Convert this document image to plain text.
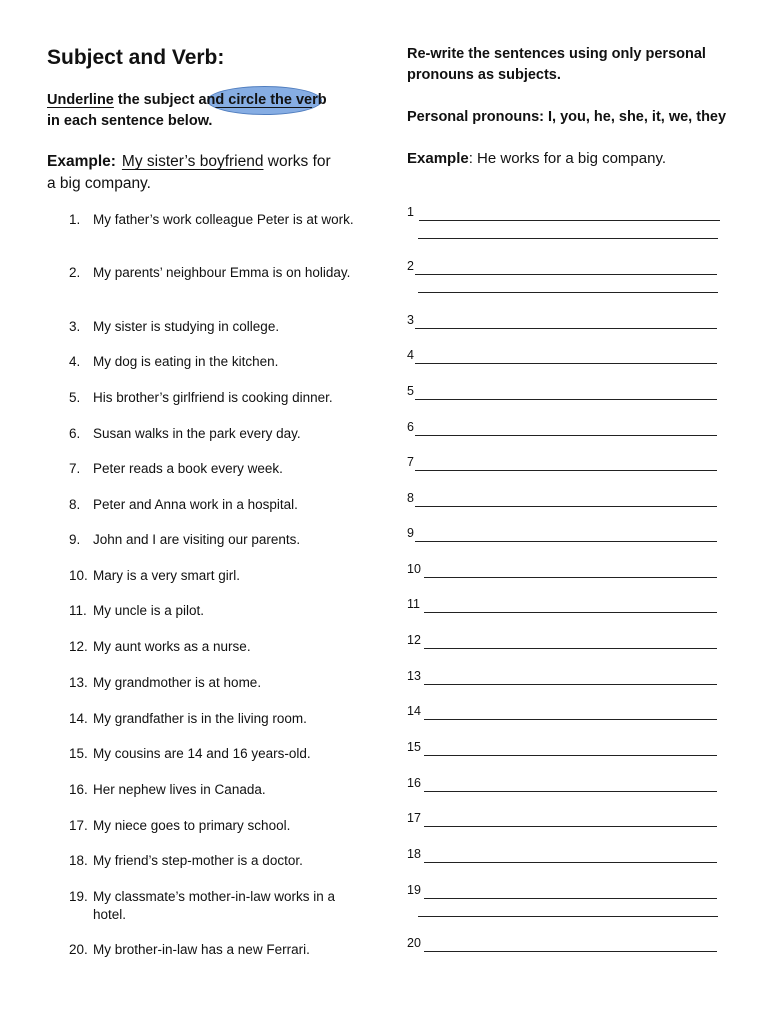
Subject and Verb:
Underline the subject and circle the verb
in each sentence below.
Example: My sister’s boyfriend works for
a big company.
1. My father’s work colleague Peter is at work.
2. My parents’ neighbour Emma is on holiday.
3. My sister is studying in college.
4. My dog is eating in the kitchen.
5. His brother’s girlfriend is cooking dinner.
6. Susan walks in the park every day.
7. Peter reads a book every week.
8. Peter and Anna work in a hospital.
9. John and I are visiting our parents.
10. Mary is a very smart girl.
11. My uncle is a pilot.
12. My aunt works as a nurse.
13. My grandmother is at home.
14. My grandfather is in the living room.
15. My cousins are 14 and 16 years-old.
16. Her nephew lives in Canada.
17. My niece goes to primary school.
18. My friend’s step-mother is a doctor.
19. My classmate’s mother-in-law works in a hotel.
20. My brother-in-law has a new Ferrari.
Re-write the sentences using only personal pronouns as subjects.
Personal pronouns: I, you, he, she, it, we, they
Example: He works for a big company.
1
2
3
4
5
6
7
8
9
10
11
12
13
14
15
16
17
18
19
20
